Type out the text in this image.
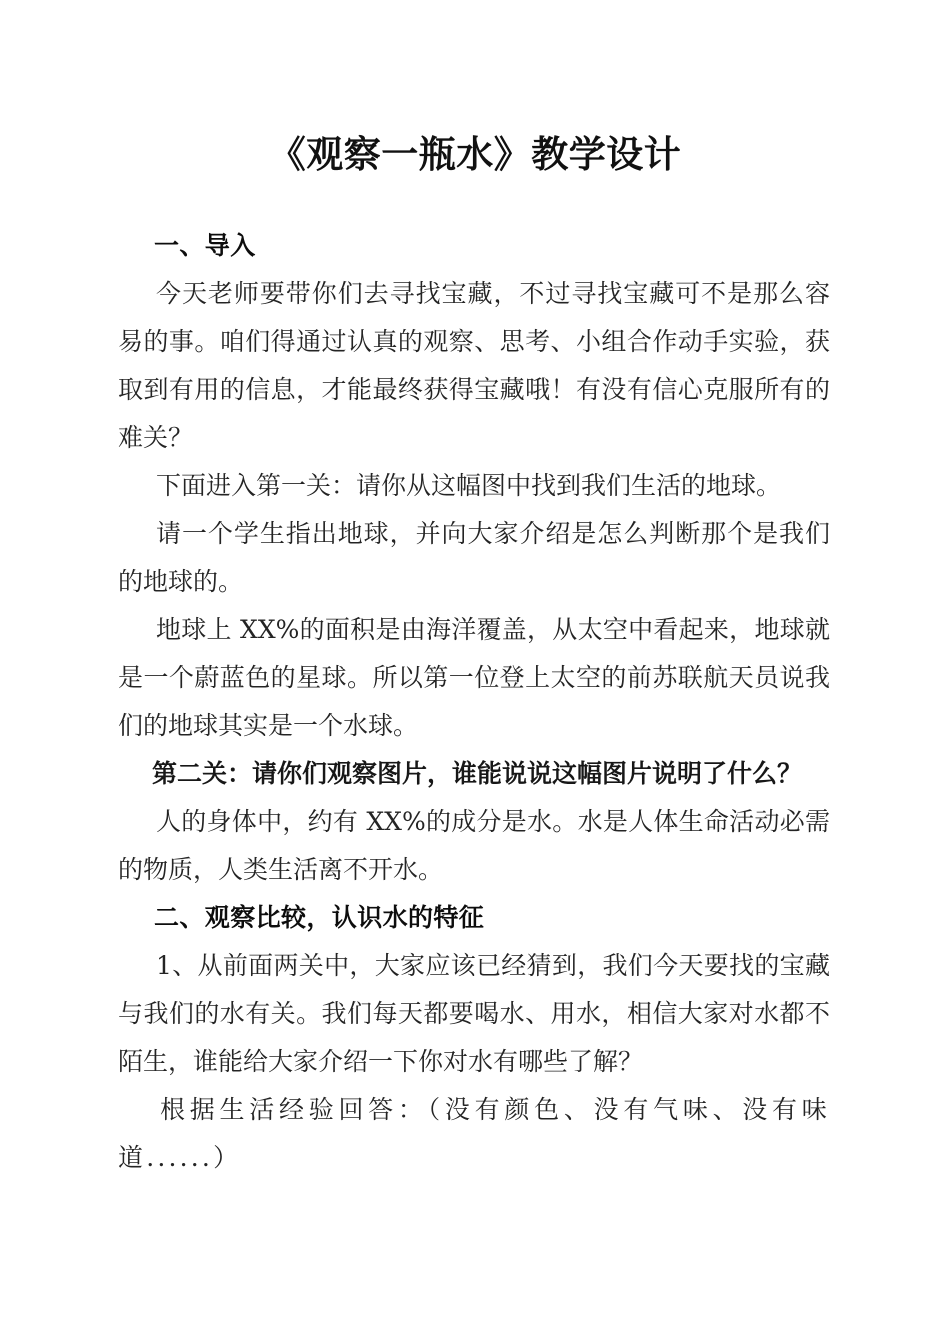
《观察一瓶水》教学设计

一、导入

今天老师要带你们去寻找宝藏，不过寻找宝藏可不是那么容易的事。咱们得通过认真的观察、思考、小组合作动手实验，获取到有用的信息，才能最终获得宝藏哦！有没有信心克服所有的难关？

下面进入第一关：请你从这幅图中找到我们生活的地球。

请一个学生指出地球，并向大家介绍是怎么判断那个是我们的地球的。

地球上 XX%的面积是由海洋覆盖，从太空中看起来，地球就是一个蔚蓝色的星球。所以第一位登上太空的前苏联航天员说我们的地球其实是一个水球。

第二关：请你们观察图片，谁能说说这幅图片说明了什么？

人的身体中，约有 XX%的成分是水。水是人体生命活动必需的物质，人类生活离不开水。

二、观察比较，认识水的特征

1、从前面两关中，大家应该已经猜到，我们今天要找的宝藏与我们的水有关。我们每天都要喝水、用水，相信大家对水都不陌生，谁能给大家介绍一下你对水有哪些了解？

根据生活经验回答：（没有颜色、没有气味、没有味道......）
